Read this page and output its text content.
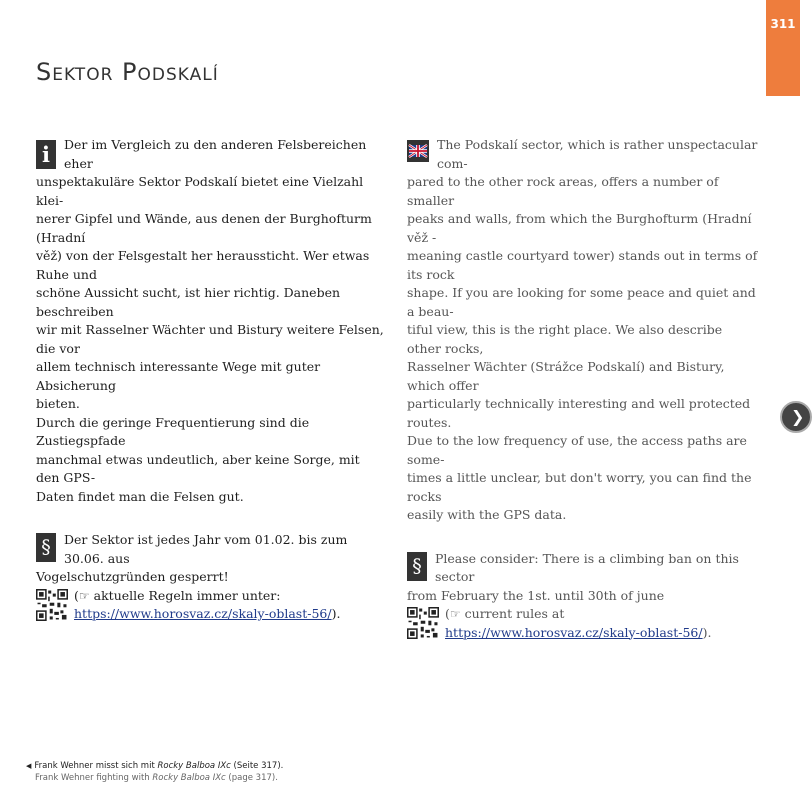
311
Sektor Podskalí
i	Der im Vergleich zu den anderen Felsbereichen eher
unspektakuläre Sektor Podskalí bietet eine Vielzahl klei-
nerer Gipfel und Wände, aus denen der Burghofturm (Hradní
věž) von der Felsgestalt her heraussticht. Wer etwas Ruhe und
schöne Aussicht sucht, ist hier richtig. Daneben beschreiben
wir mit Rasselner Wächter und Bistury weitere Felsen, die vor
allem technisch interessante Wege mit guter Absicherung
bieten.
Durch die geringe Frequentierung sind die Zustiegspfade
manchmal etwas undeutlich, aber keine Sorge, mit den GPS-
Daten findet man die Felsen gut.
§	Der Sektor ist jedes Jahr vom 01.02. bis zum 30.06. aus
Vogelschutzgründen gesperrt!
(☞ aktuelle Regeln immer unter:
https://www.horosvaz.cz/skaly-oblast-56/).
The Podskalí sector, which is rather unspectacular com-
pared to the other rock areas, offers a number of smaller
peaks and walls, from which the Burghofturm (Hradní věž -
meaning castle courtyard tower) stands out in terms of its rock
shape. If you are looking for some peace and quiet and a beau-
tiful view, this is the right place. We also describe other rocks,
Rasselner Wächter (Strážce Podskalí) and Bistury, which offer
particularly technically interesting and well protected routes.
Due to the low frequency of use, the access paths are some-
times a little unclear, but don't worry, you can find the rocks
easily with the GPS data.
§	Please consider: There is a climbing ban on this sector
from February the 1st. until 30th of june
(☞ current rules at
https://www.horosvaz.cz/skaly-oblast-56/).
❯
◀ Frank Wehner misst sich mit Rocky Balboa IXc (Seite 317).
Frank Wehner fighting with Rocky Balboa IXc (page 317).
